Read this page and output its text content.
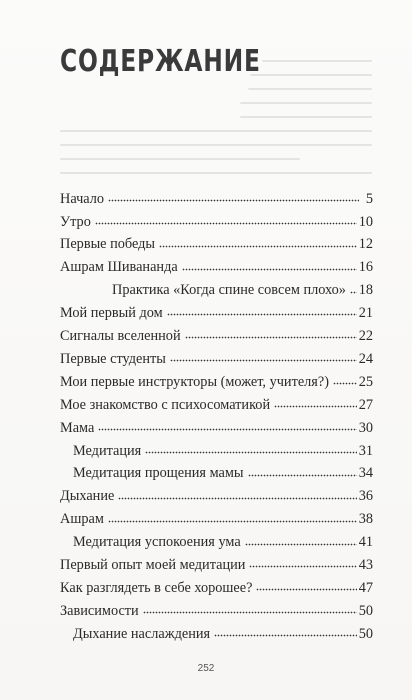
СОДЕРЖАНИЕ
Начало	5
Утро	10
Первые победы	12
Ашрам Шивананда	16
Практика «Когда спине совсем плохо» 18
Мой первый дом	21
Сигналы вселенной	22
Первые студенты	24
Мои первые инструкторы (может, учителя?) 25
Мое знакомство с психосоматикой	27
Мама	30
Медитация	31
Медитация прощения мамы	34
Дыхание	36
Ашрам	38
Медитация успокоения ума	41
Первый опыт моей медитации	43
Как разглядеть в себе хорошее?	47
Зависимости	50
Дыхание наслаждения	50
252
